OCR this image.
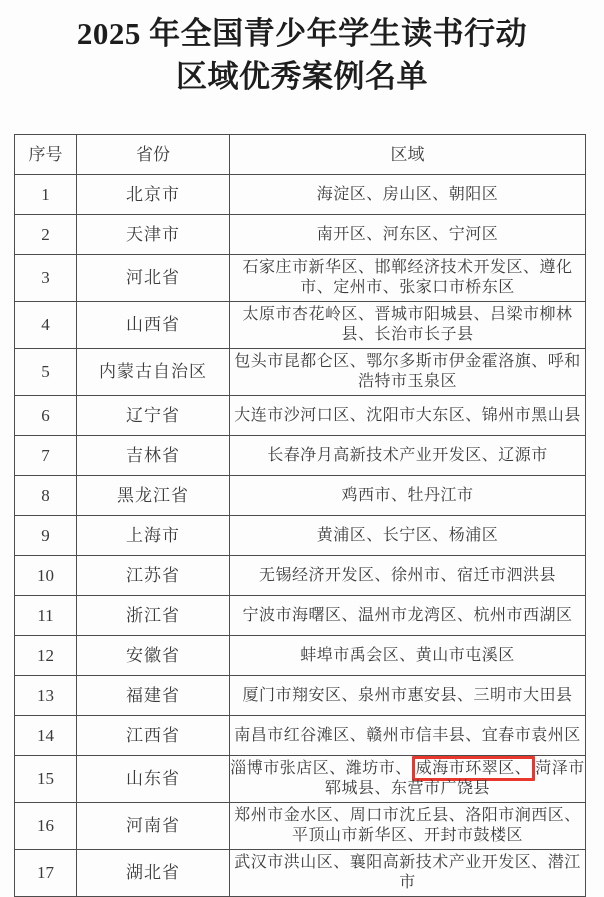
2025 年全国青少年学生读书行动
区域优秀案例名单
序号	省份	区域
1	北京市	海淀区、房山区、朝阳区
2	天津市	南开区、河东区、宁河区
3	河北省	石家庄市新华区、邯郸经济技术开发区、遵化市、定州市、张家口市桥东区
4	山西省	太原市杏花岭区、晋城市阳城县、吕梁市柳林县、长治市长子县
5	内蒙古自治区	包头市昆都仑区、鄂尔多斯市伊金霍洛旗、呼和浩特市玉泉区
6	辽宁省	大连市沙河口区、沈阳市大东区、锦州市黑山县
7	吉林省	长春净月高新技术产业开发区、辽源市
8	黑龙江省	鸡西市、牡丹江市
9	上海市	黄浦区、长宁区、杨浦区
10	江苏省	无锡经济开发区、徐州市、宿迁市泗洪县
11	浙江省	宁波市海曙区、温州市龙湾区、杭州市西湖区
12	安徽省	蚌埠市禹会区、黄山市屯溪区
13	福建省	厦门市翔安区、泉州市惠安县、三明市大田县
14	江西省	南昌市红谷滩区、赣州市信丰县、宜春市袁州区
15	山东省	淄博市张店区、潍坊市、 威海市环翠区、 菏泽市郓城县、东营市广饶县
16	河南省	郑州市金水区、周口市沈丘县、洛阳市涧西区、平顶山市新华区、开封市鼓楼区
17	湖北省	武汉市洪山区、襄阳高新技术产业开发区、潜江市
